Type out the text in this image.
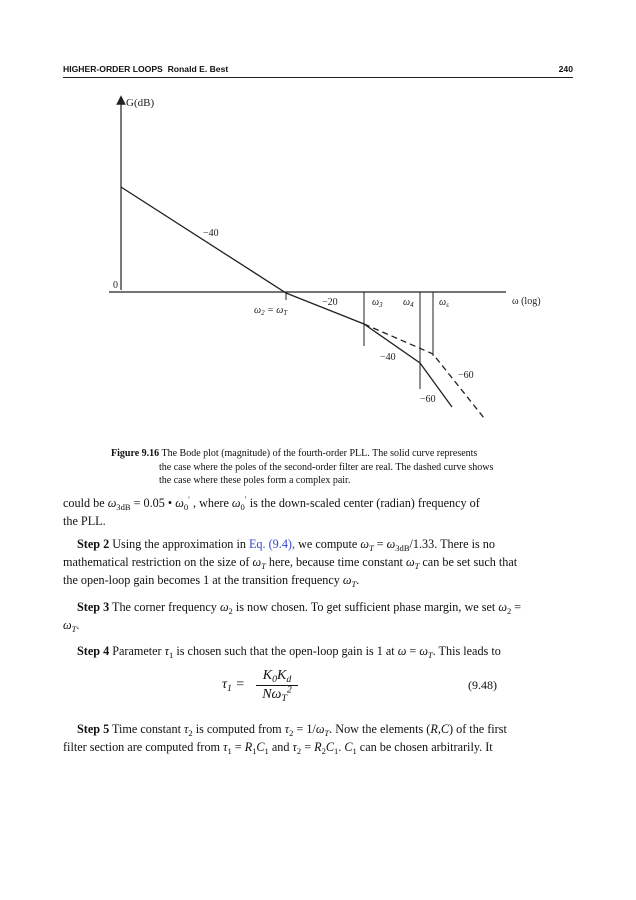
HIGHER-ORDER LOOPS Ronald E. Best	240
G(dB)
0
ω (log)
−40
−20
−40
−60
−60
$\omega_2 = \omega_T$
$\omega_3$ $\omega_4$	$\omega_s$
Figure 9.16 The Bode plot (magnitude) of the fourth-order PLL. The solid curve represents
the case where the poles of the second-order filter are real. The dashed curve shows
the case where these poles form a complex pair.
could be $\omega_{3dB} = 0.05$ • $\omega_0'$ , where $\omega_0'$ is the down-scaled center (radian) frequency of
the PLL.
Step 2 Using the approximation in Eq. (9.4), we compute $\omega_T = \omega_{3dB}/1.33$. There is no
mathematical restriction on the size of $\omega_T$ here, because time constant $\omega_T$ can be set such that
the open-loop gain becomes 1 at the transition frequency $\omega_T$.
Step 3 The corner frequency $\omega_2$ is now chosen. To get sufficient phase margin, we set $\omega_2$ =
$\omega_T$.
Step 4 Parameter $\tau_1$ is chosen such that the open-loop gain is 1 at $\omega = \omega_T$. This leads to
$\tau_1$ =
$K_0K_d$
$N\omega_T^2$	(9.48)
Step 5 Time constant $\tau_2$ is computed from $\tau_2 = 1/\omega_T$. Now the elements (R,C) of the first
filter section are computed from $\tau_1 = R_1C_1$ and $\tau_2 = R_2C_1$. $C_1$ can be chosen arbitrarily. It
